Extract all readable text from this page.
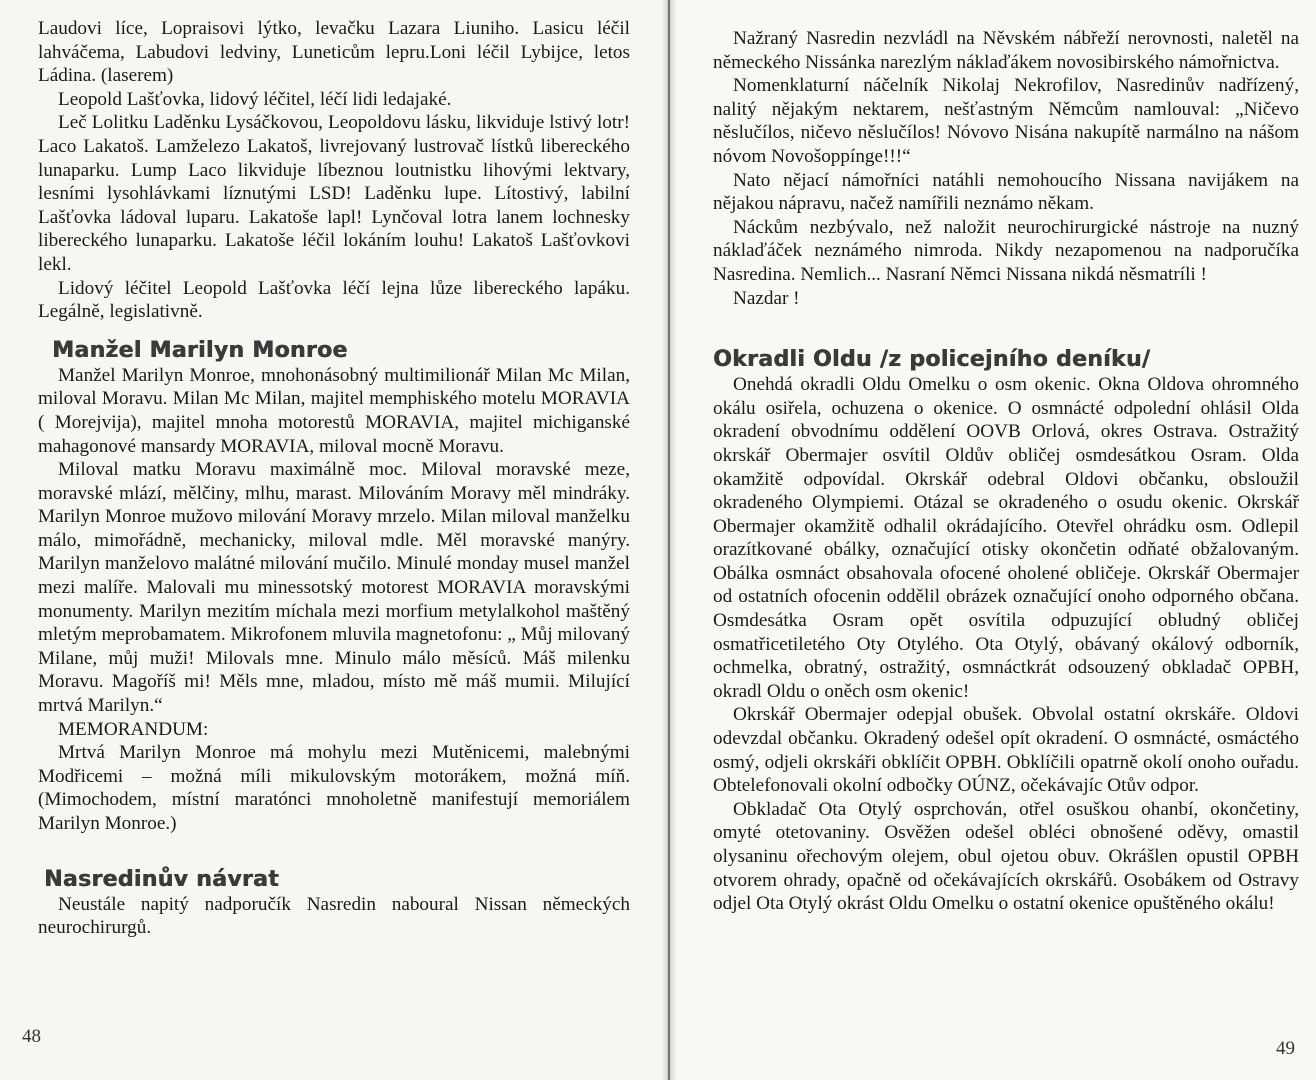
Laudovi líce, Lopraisovi lýtko, levačku Lazara Liuniho. Lasicu léčil lahváčema, Labudovi ledviny, Luneticům lepru.Loni léčil Lybijce, letos Ládina. (laserem)

Leopold Lašťovka, lidový léčitel, léčí lidi ledajaké.

Leč Lolitku Laděnku Lysáčkovou, Leopoldovu lásku, likviduje lstivý lotr! Laco Lakatoš. Lamželezo Lakatoš, livrejovaný lustrovač lístků libereckého lunaparku. Lump Laco likviduje líbeznou loutnistku lihovými lektvary, lesními lysohlávkami líznutými LSD! Laděnku lupe. Lítostivý, labilní Lašťovka ládoval luparu. Lakatoše lapl! Lynčoval lotra lanem lochnesky libereckého lunaparku. Lakatoše léčil lokáním louhu! Lakatoš Lašťovkovi lekl.

Lidový léčitel Leopold Lašťovka léčí lejna lůze libereckého lapáku. Legálně, legislativně.

Manžel Marilyn Monroe

Manžel Marilyn Monroe, mnohonásobný multimilionář Milan Mc Milan, miloval Moravu. Milan Mc Milan, majitel memphiského motelu MORAVIA ( Morejvija), majitel mnoha motorestů MORAVIA, majitel michiganské mahagonové mansardy MORAVIA, miloval mocně Moravu.

Miloval matku Moravu maximálně moc. Miloval moravské meze, moravské mlází, mělčiny, mlhu, marast. Milováním Moravy měl mindráky. Marilyn Monroe mužovo milování Moravy mrzelo. Milan miloval manželku málo, mimořádně, mechanicky, miloval mdle. Měl moravské manýry. Marilyn manželovo malátné milování mučilo. Minulé monday musel manžel mezi malíře. Malovali mu minessotský motorest MORAVIA moravskými monumenty. Marilyn mezitím míchala mezi morfium metylalkohol maštěný mletým meprobamatem. Mikrofonem mluvila magnetofonu: „ Můj milovaný Milane, můj muži! Milovals mne. Minulo málo měsíců. Máš milenku Moravu. Magoříš mi! Měls mne, mladou, místo mě máš mumii. Milující mrtvá Marilyn.“

MEMORANDUM:

Mrtvá Marilyn Monroe má mohylu mezi Mutěnicemi, malebnými Modřicemi – možná míli mikulovským motorákem, možná míň. (Mimochodem, místní maratónci mnoholetně manifestují memoriálem Marilyn Monroe.)

Nasredinův návrat

Neustále napitý nadporučík Nasredin naboural Nissan německých neurochirurgů.

48

Nažraný Nasredin nezvládl na Něvském nábřeží nerovnosti, naletěl na německého Nissánka narezlým náklaďákem novosibirského námořnictva.

Nomenklaturní náčelník Nikolaj Nekrofilov, Nasredinův nadřízený, nalitý nějakým nektarem, nešťastným Němcům namlouval: „Ničevo něslučílos, ničevo něslučílos! Nóvovo Nisána nakupítě narmálno na nášom nóvom Novošoppínge!!!“

Nato nějací námořníci natáhli nemohoucího Nissana navijákem na nějakou nápravu, načež namířili neznámo někam.

Náckům nezbývalo, než naložit neurochirurgické nástroje na nuzný náklaďáček neznámého nimroda. Nikdy nezapomenou na nadporučíka Nasredina. Nemlich... Nasraní Němci Nissana nikdá něsmatríli !

Nazdar !

Okradli Oldu /z policejního deníku/

Onehdá okradli Oldu Omelku o osm okenic. Okna Oldova ohromného okálu osiřela, ochuzena o okenice. O osmnácté odpolední ohlásil Olda okradení obvodnímu oddělení OOVB Orlová, okres Ostrava. Ostražitý okrskář Obermajer osvítil Oldův obličej osmdesátkou Osram. Olda okamžitě odpovídal. Okrskář odebral Oldovi občanku, obsloužil okradeného Olympiemi. Otázal se okradeného o osudu okenic. Okrskář Obermajer okamžitě odhalil okrádajícího. Otevřel ohrádku osm. Odlepil orazítkované obálky, označující otisky okončetin odňaté obžalovaným. Obálka osmnáct obsahovala ofocené oholené obličeje. Okrskář Obermajer od ostatních ofocenin oddělil obrázek označující onoho odporného občana. Osmdesátka Osram opět osvítila odpuzující obludný obličej osmatřicetiletého Oty Otylého. Ota Otylý, obávaný okálový odborník, ochmelka, obratný, ostražitý, osmnáctkrát odsouzený obkladač OPBH, okradl Oldu o oněch osm okenic!

Okrskář Obermajer odepjal obušek. Obvolal ostatní okrskáře. Oldovi odevzdal občanku. Okradený odešel opít okradení. O osmnácté, osmáctého osmý, odjeli okrskáři obklíčit OPBH. Obklíčili opatrně okolí onoho ouřadu. Obtelefonovali okolní odbočky OÚNZ, očekávajíc Otův odpor.

Obkladač Ota Otylý osprchován, otřel osuškou ohanbí, okončetiny, omyté otetovaniny. Osvěžen odešel obléci obnošené oděvy, omastil olysaninu ořechovým olejem, obul ojetou obuv. Okrášlen opustil OPBH otvorem ohrady, opačně od očekávajících okrskářů. Osobákem od Ostravy odjel Ota Otylý okrást Oldu Omelku o ostatní okenice opuštěného okálu!

49
